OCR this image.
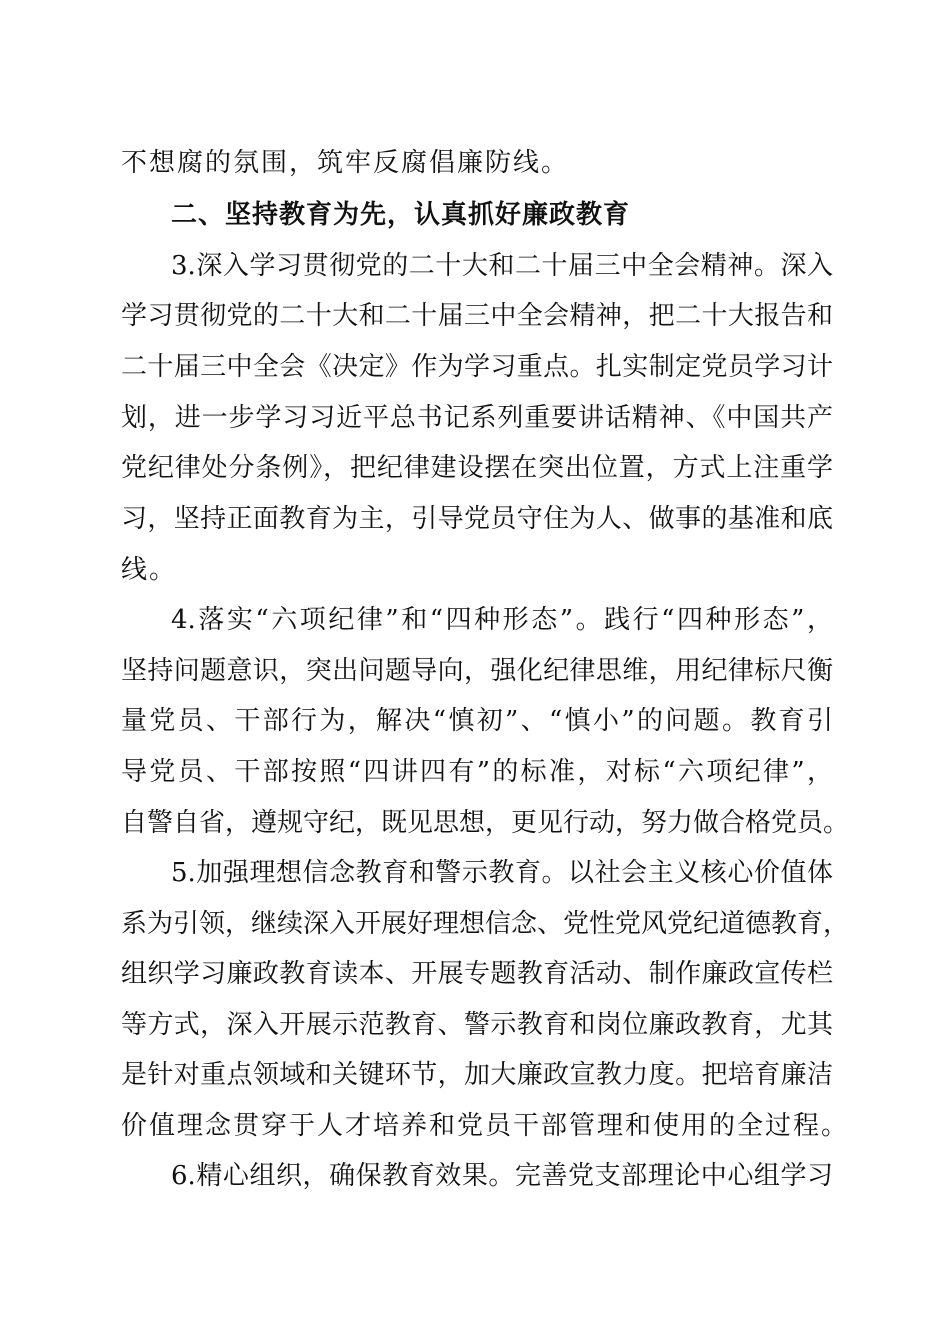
不想腐的氛围，筑牢反腐倡廉防线。
二、坚持教育为先，认真抓好廉政教育
3.深入学习贯彻党的二十大和二十届三中全会精神。深入
学习贯彻党的二十大和二十届三中全会精神，把二十大报告和
二十届三中全会《决定》作为学习重点。扎实制定党员学习计
划，进一步学习习近平总书记系列重要讲话精神、《中国共产
党纪律处分条例》，把纪律建设摆在突出位置，方式上注重学
习，坚持正面教育为主，引导党员守住为人、做事的基准和底
线。
4.落实“六项纪律”和“四种形态”。践行“四种形态”，
坚持问题意识，突出问题导向，强化纪律思维，用纪律标尺衡
量党员、干部行为，解决“慎初”、“慎小”的问题。教育引
导党员、干部按照“四讲四有”的标准，对标“六项纪律”，
自警自省，遵规守纪，既见思想，更见行动，努力做合格党员。
5.加强理想信念教育和警示教育。以社会主义核心价值体
系为引领，继续深入开展好理想信念、党性党风党纪道德教育，
组织学习廉政教育读本、开展专题教育活动、制作廉政宣传栏
等方式，深入开展示范教育、警示教育和岗位廉政教育，尤其
是针对重点领域和关键环节，加大廉政宣教力度。把培育廉洁
价值理念贯穿于人才培养和党员干部管理和使用的全过程。
6.精心组织，确保教育效果。完善党支部理论中心组学习
